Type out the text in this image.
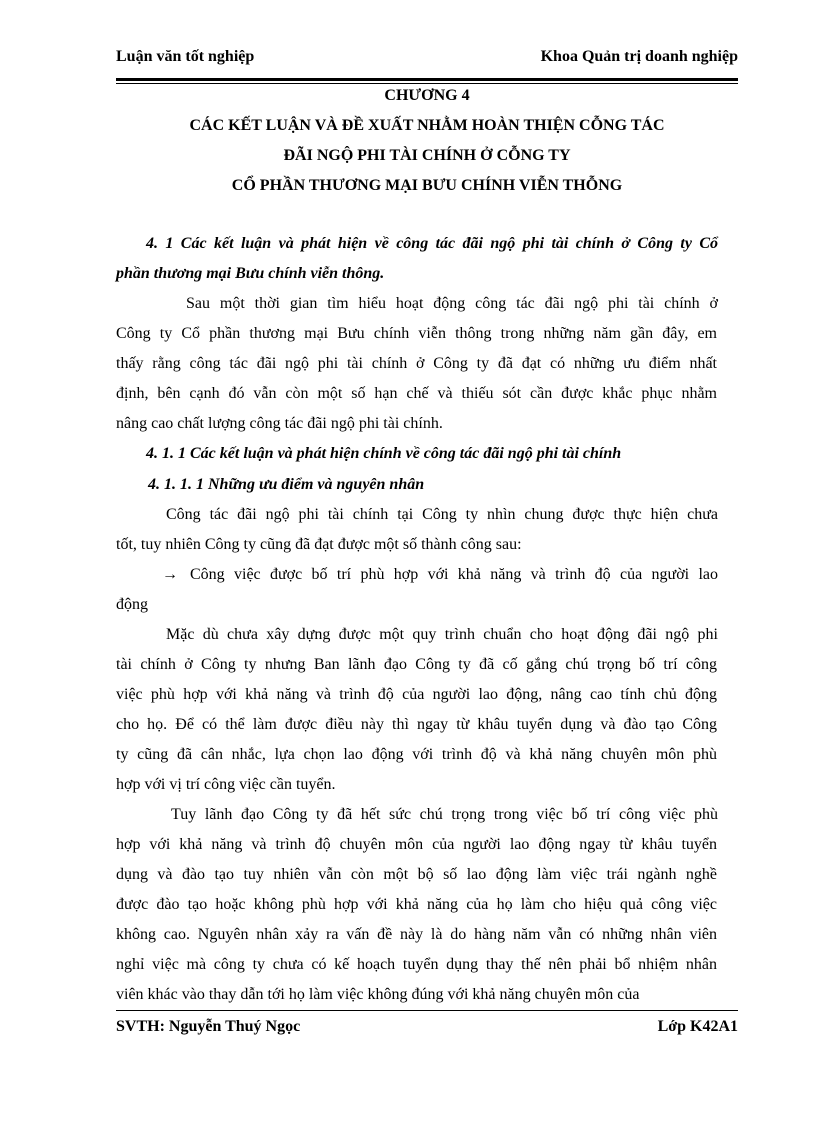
Luận văn tốt nghiệp	Khoa Quản trị doanh nghiệp
CHƯƠNG 4
CÁC KẾT LUẬN VÀ ĐỀ XUẤT NHẰM HOÀN THIỆN CỖNG TÁC
ĐÃI NGỘ PHI TÀI CHÍNH Ở CỖNG TY
CỔ PHẦN THƯƠNG MẠI BƯU CHÍNH VIỄN THỖNG
4. 1 Các kết luận và phát hiện về công tác đãi ngộ phi tài chính ở Công ty Cổ
phần thương mại Bưu chính viễn thông.
Sau một thời gian tìm hiểu hoạt động công tác đãi ngộ phi tài chính ở
Công ty Cổ phần thương mại Bưu chính viễn thông trong những năm gần đây, em
thấy rằng công tác đãi ngộ phi tài chính ở Công ty đã đạt có những ưu điểm nhất
định, bên cạnh đó vẫn còn một số hạn chế và thiếu sót cần được khắc phục nhằm
nâng cao chất lượng công tác đãi ngộ phi tài chính.
4. 1. 1 Các kết luận và phát hiện chính về công tác đãi ngộ phi tài chính
4. 1. 1. 1 Những ưu điểm và nguyên nhân
Công tác đãi ngộ phi tài chính tại Công ty nhìn chung được thực hiện chưa
tốt, tuy nhiên Công ty cũng đã đạt được một số thành công sau:
→ Công việc được bố trí phù hợp với khả năng và trình độ của người lao
động
Mặc dù chưa xây dựng được một quy trình chuẩn cho hoạt động đãi ngộ phi
tài chính ở Công ty nhưng Ban lãnh đạo Công ty đã cố gắng chú trọng bố trí công
việc phù hợp với khả năng và trình độ của người lao động, nâng cao tính chủ động
cho họ. Để có thể làm được điều này thì ngay từ khâu tuyển dụng và đào tạo Công
ty cũng đã cân nhắc, lựa chọn lao động với trình độ và khả năng chuyên môn phù
hợp với vị trí công việc cần tuyển.
Tuy lãnh đạo Công ty đã hết sức chú trọng trong việc bố trí công việc phù
hợp với khả năng và trình độ chuyên môn của người lao động ngay từ khâu tuyển
dụng và đào tạo tuy nhiên vẫn còn một bộ số lao động làm việc trái ngành nghề
được đào tạo hoặc không phù hợp với khả năng của họ làm cho hiệu quả công việc
không cao. Nguyên nhân xảy ra vấn đề này là do hàng năm vẫn có những nhân viên
nghỉ việc mà công ty chưa có kế hoạch tuyển dụng thay thế nên phải bổ nhiệm nhân
viên khác vào thay dẫn tới họ làm việc không đúng với khả năng chuyên môn của
SVTH: Nguyễn Thuý Ngọc	Lớp K42A1
